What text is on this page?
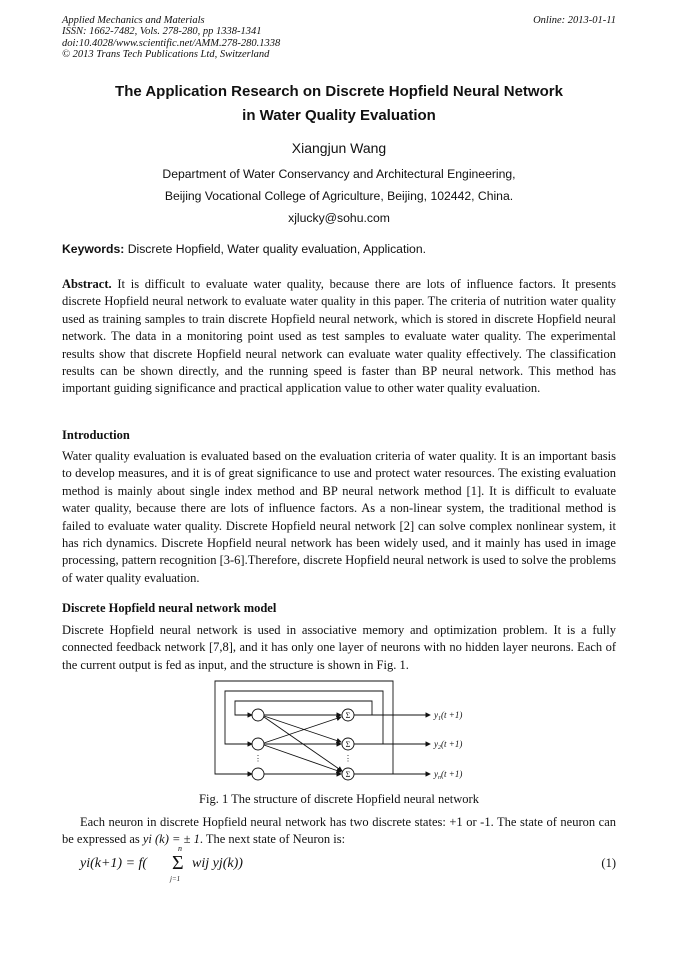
Applied Mechanics and Materials
ISSN: 1662-7482, Vols. 278-280, pp 1338-1341
doi:10.4028/www.scientific.net/AMM.278-280.1338
© 2013 Trans Tech Publications Ltd, Switzerland
Online: 2013-01-11
The Application Research on Discrete Hopfield Neural Network
in Water Quality Evaluation
Xiangjun Wang
Department of Water Conservancy and Architectural Engineering,
Beijing Vocational College of Agriculture, Beijing, 102442, China.
xjlucky@sohu.com
Keywords: Discrete Hopfield, Water quality evaluation, Application.
Abstract. It is difficult to evaluate water quality, because there are lots of influence factors. It presents discrete Hopfield neural network to evaluate water quality in this paper. The criteria of nutrition water quality used as training samples to train discrete Hopfield neural network, which is stored in discrete Hopfield neural network. The data in a monitoring point used as test samples to evaluate water quality. The experimental results show that discrete Hopfield neural network can evaluate water quality effectively. The classification results can be shown directly, and the running speed is faster than BP neural network. This method has important guiding significance and practical application value to other water quality evaluation.
Introduction
Water quality evaluation is evaluated based on the evaluation criteria of water quality. It is an important basis to develop measures, and it is of great significance to use and protect water resources. The existing evaluation method is mainly about single index method and BP neural network method [1]. It is difficult to evaluate water quality, because there are lots of influence factors. As a non-linear system, the traditional method is failed to evaluate water quality. Discrete Hopfield neural network [2] can solve complex nonlinear system, it has rich dynamics. Discrete Hopfield neural network has been widely used, and it mainly has used in image processing, pattern recognition [3-6].Therefore, discrete Hopfield neural network is used to solve the problems of water quality evaluation.
Discrete Hopfield neural network model
Discrete Hopfield neural network is used in associative memory and optimization problem. It is a fully connected feedback network [7,8], and it has only one layer of neurons with no hidden layer neurons. Each of the current output is fed as input, and the structure is shown in Fig. 1.
Σ
Σ
Σ
⋮	⋮
$y_1(t +1)$
$y_2(t +1)$
$y_n(t +1)$
Fig. 1 The structure of discrete Hopfield neural network
Each neuron in discrete Hopfield neural network has two discrete states: +1 or -1. The state of neuron can be expressed as yi (k) = ± 1. The next state of Neuron is:
yi(k+1) = f(
n
Σ
j=1
wij yj(k))	(1)
